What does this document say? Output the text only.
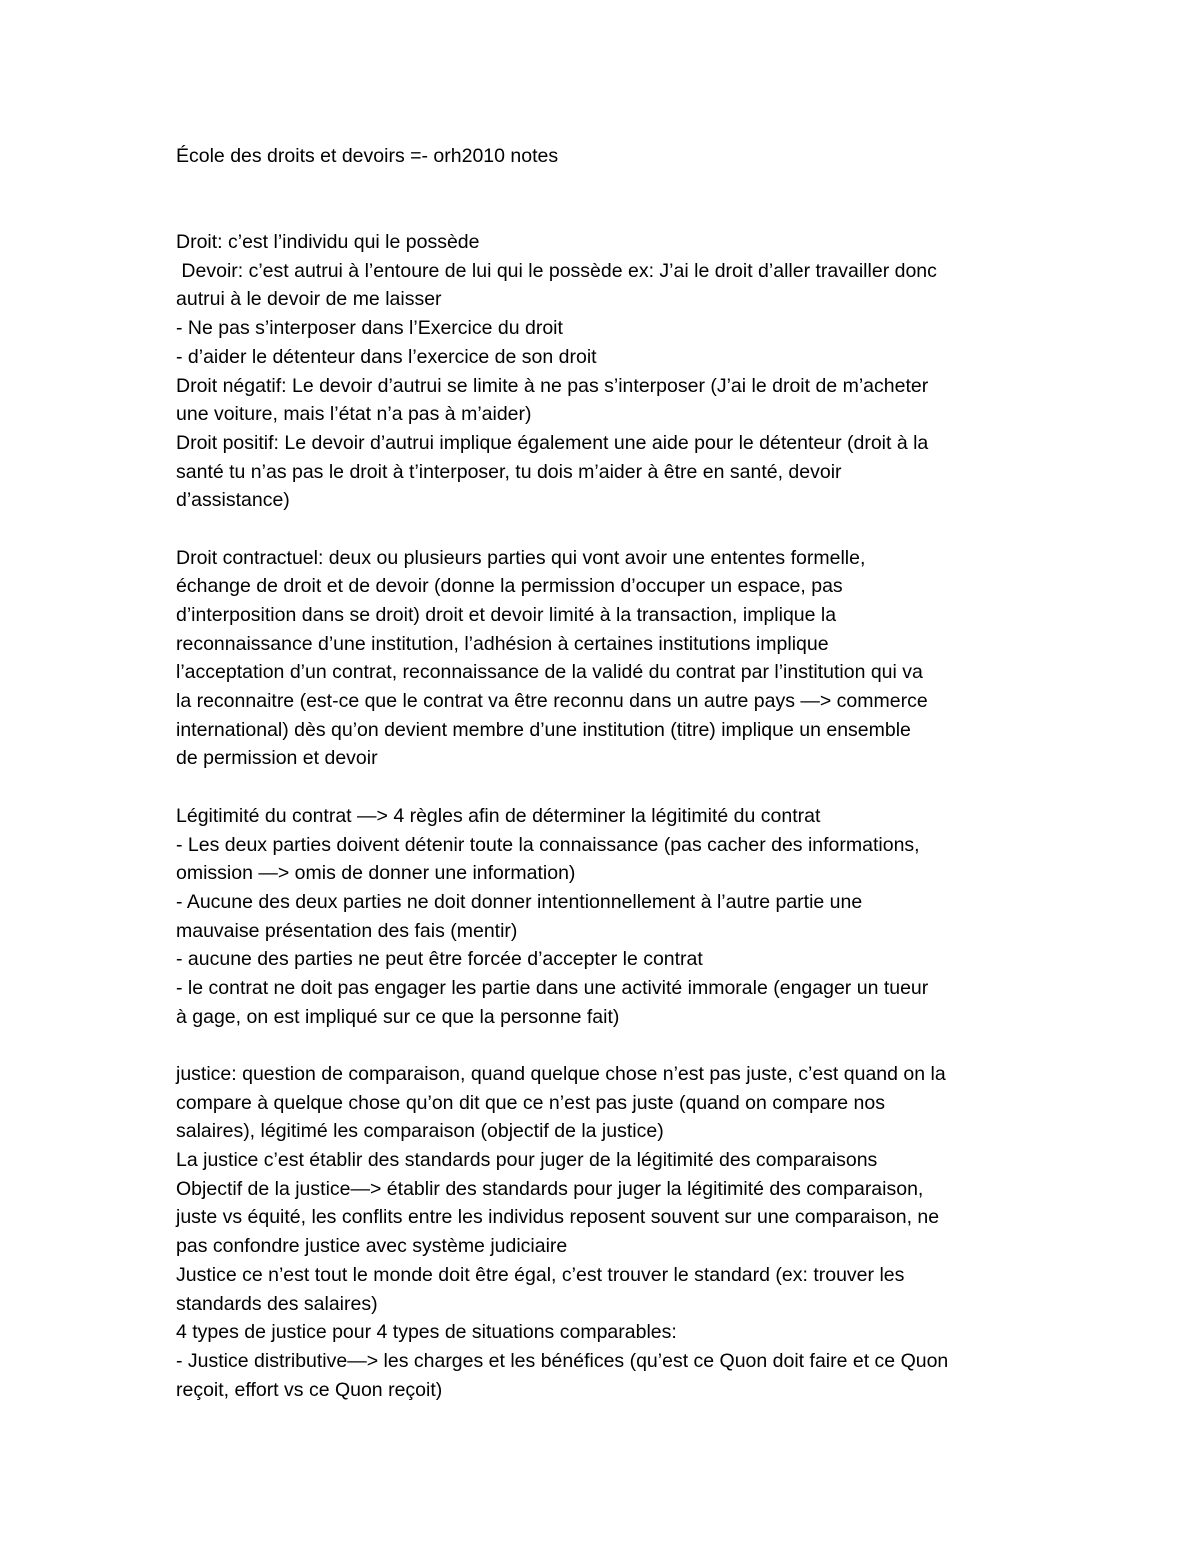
École des droits et devoirs =- orh2010 notes
Droit: c’est l’individu qui le possède
Devoir: c’est autrui à l’entoure de lui qui le possède ex: J’ai le droit d’aller travailler donc
autrui à le devoir de me laisser
- Ne pas s’interposer dans l’Exercice du droit
- d’aider le détenteur dans l’exercice de son droit
Droit négatif: Le devoir d’autrui se limite à ne pas s’interposer (J’ai le droit de m’acheter
une voiture, mais l’état n’a pas à m’aider)
Droit positif: Le devoir d’autrui implique également une aide pour le détenteur (droit à la
santé tu n’as pas le droit à t’interposer, tu dois m’aider à être en santé, devoir
d’assistance)
Droit contractuel: deux ou plusieurs parties qui vont avoir une ententes formelle,
échange de droit et de devoir (donne la permission d’occuper un espace, pas
d’interposition dans se droit) droit et devoir limité à la transaction, implique la
reconnaissance d’une institution, l’adhésion à certaines institutions implique
l’acceptation d’un contrat, reconnaissance de la validé du contrat par l’institution qui va
la reconnaitre (est-ce que le contrat va être reconnu dans un autre pays —> commerce
international) dès qu’on devient membre d’une institution (titre) implique un ensemble
de permission et devoir
Légitimité du contrat —> 4 règles afin de déterminer la légitimité du contrat
- Les deux parties doivent détenir toute la connaissance (pas cacher des informations,
omission —> omis de donner une information)
- Aucune des deux parties ne doit donner intentionnellement à l’autre partie une
mauvaise présentation des fais (mentir)
- aucune des parties ne peut être forcée d’accepter le contrat
- le contrat ne doit pas engager les partie dans une activité immorale (engager un tueur
à gage, on est impliqué sur ce que la personne fait)
justice: question de comparaison, quand quelque chose n’est pas juste, c’est quand on la
compare à quelque chose qu’on dit que ce n’est pas juste (quand on compare nos
salaires), légitimé les comparaison (objectif de la justice)
La justice c’est établir des standards pour juger de la légitimité des comparaisons
Objectif de la justice—> établir des standards pour juger la légitimité des comparaison,
juste vs équité, les conflits entre les individus reposent souvent sur une comparaison, ne
pas confondre justice avec système judiciaire
Justice ce n’est tout le monde doit être égal, c’est trouver le standard (ex: trouver les
standards des salaires)
4 types de justice pour 4 types de situations comparables:
- Justice distributive—> les charges et les bénéfices (qu’est ce Quon doit faire et ce Quon
reçoit, effort vs ce Quon reçoit)
